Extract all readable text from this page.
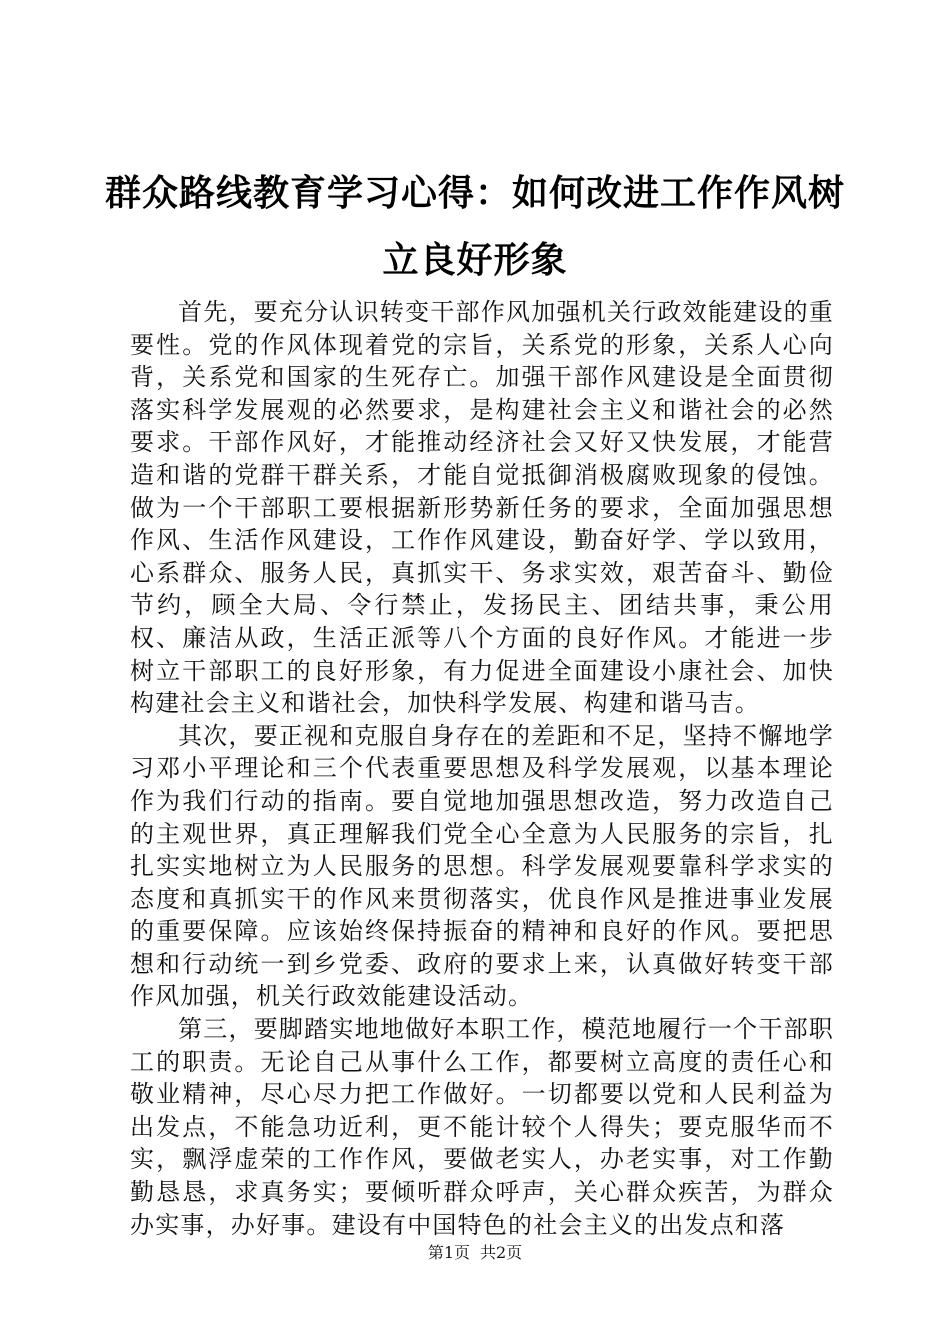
群众路线教育学习心得：如何改进工作作风树立良好形象

首先，要充分认识转变干部作风加强机关行政效能建设的重要性。党的作风体现着党的宗旨，关系党的形象，关系人心向背，关系党和国家的生死存亡。加强干部作风建设是全面贯彻落实科学发展观的必然要求，是构建社会主义和谐社会的必然要求。干部作风好，才能推动经济社会又好又快发展，才能营造和谐的党群干群关系，才能自觉抵御消极腐败现象的侵蚀。做为一个干部职工要根据新形势新任务的要求，全面加强思想作风、生活作风建设，工作作风建设，勤奋好学、学以致用，心系群众、服务人民，真抓实干、务求实效，艰苦奋斗、勤俭节约，顾全大局、令行禁止，发扬民主、团结共事，秉公用权、廉洁从政，生活正派等八个方面的良好作风。才能进一步树立干部职工的良好形象，有力促进全面建设小康社会、加快构建社会主义和谐社会，加快科学发展、构建和谐马吉。

其次，要正视和克服自身存在的差距和不足，坚持不懈地学习邓小平理论和三个代表重要思想及科学发展观，以基本理论作为我们行动的指南。要自觉地加强思想改造，努力改造自己的主观世界，真正理解我们党全心全意为人民服务的宗旨，扎扎实实地树立为人民服务的思想。科学发展观要靠科学求实的态度和真抓实干的作风来贯彻落实，优良作风是推进事业发展的重要保障。应该始终保持振奋的精神和良好的作风。要把思想和行动统一到乡党委、政府的要求上来，认真做好转变干部作风加强，机关行政效能建设活动。

第三，要脚踏实地地做好本职工作，模范地履行一个干部职工的职责。无论自己从事什么工作，都要树立高度的责任心和敬业精神，尽心尽力把工作做好。一切都要以党和人民利益为出发点，不能急功近利，更不能计较个人得失；要克服华而不实，飘浮虚荣的工作作风，要做老实人，办老实事，对工作勤勤恳恳，求真务实；要倾听群众呼声，关心群众疾苦，为群众办实事，办好事。建设有中国特色的社会主义的出发点和落

第1页 共2页
